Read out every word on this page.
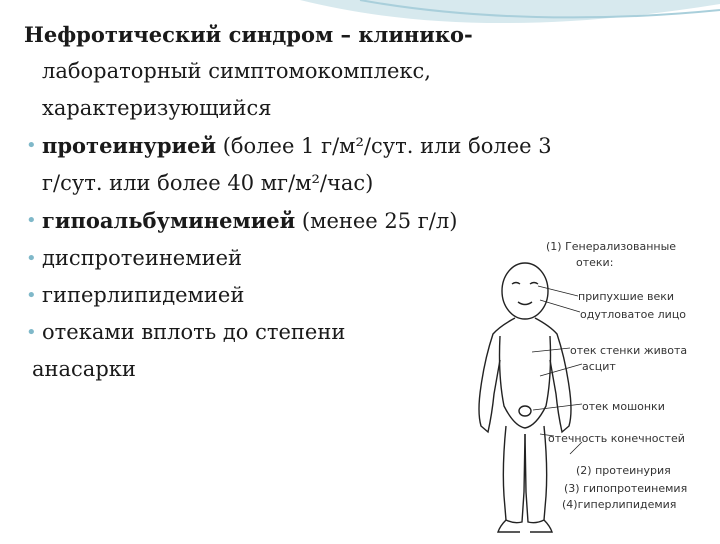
Нефротический синдром – клинико-
лабораторный симптомокомплекс,
характеризующийся
• протеинурией (более 1 г/м²/сут. или более 3
г/сут. или более 40 мг/м²/час)
• гипоальбуминемией (менее 25 г/л)
• диспротеинемией
• гиперлипидемией
• отеками вплоть до степени
анасарки
(1) Генерализованные
отеки:
припухшие веки
одутловатое лицо
отек стенки живота
асцит
отек мошонки
отечность конечностей
(2) протеинурия
(3) гипопротеинемия
(4)гиперлипидемия
